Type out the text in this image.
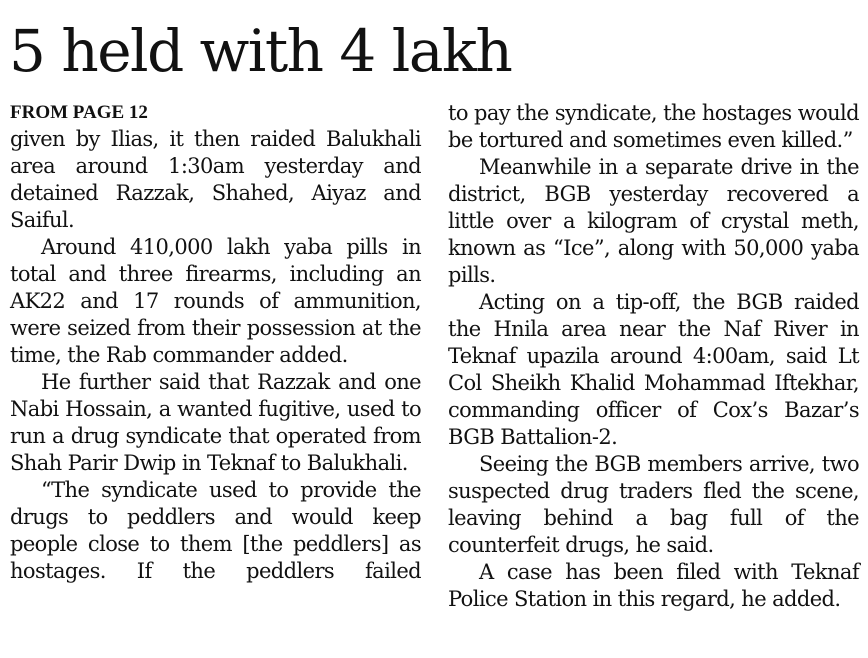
5 held with 4 lakh
FROM PAGE 12

given by Ilias, it then raided Balukhali area around 1:30am yesterday and detained Razzak, Shahed, Aiyaz and Saiful.

Around 410,000 lakh yaba pills in total and three firearms, including an AK22 and 17 rounds of ammunition, were seized from their possession at the time, the Rab commander added.

He further said that Razzak and one Nabi Hossain, a wanted fugitive, used to run a drug syndicate that operated from Shah Parir Dwip in Teknaf to Balukhali.

“The syndicate used to provide the drugs to peddlers and would keep people close to them [the peddlers] as hostages. If the peddlers failed

to pay the syndicate, the hostages would be tortured and sometimes even killed.”

Meanwhile in a separate drive in the district, BGB yesterday recovered a little over a kilogram of crystal meth, known as “Ice”, along with 50,000 yaba pills.

Acting on a tip-off, the BGB raided the Hnila area near the Naf River in Teknaf upazila around 4:00am, said Lt Col Sheikh Khalid Mohammad Iftekhar, commanding officer of Cox’s Bazar’s BGB Battalion-2.

Seeing the BGB members arrive, two suspected drug traders fled the scene, leaving behind a bag full of the counterfeit drugs, he said.

A case has been filed with Teknaf Police Station in this regard, he added.
